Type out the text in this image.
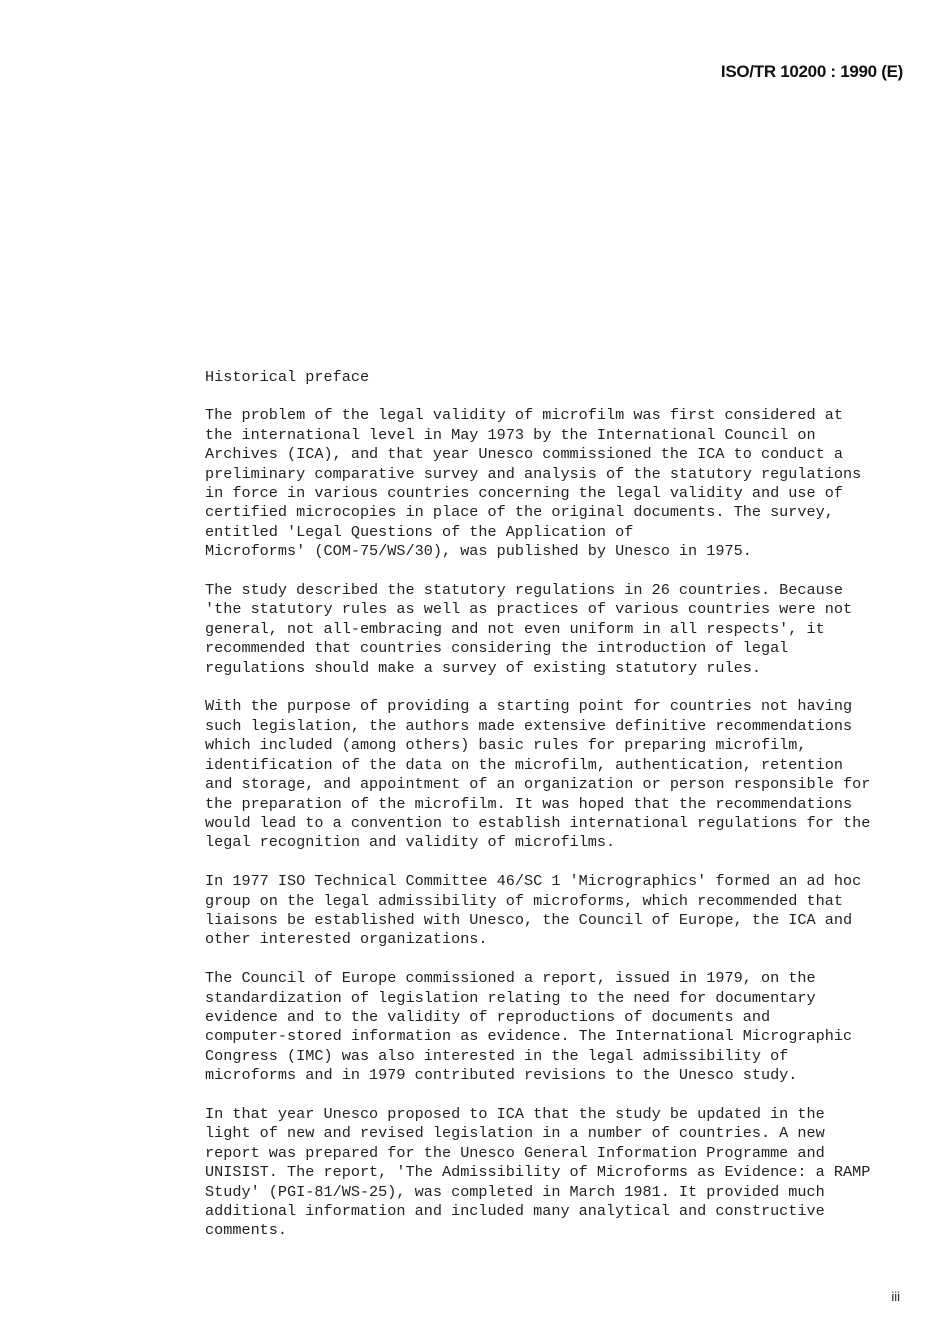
ISO/TR 10200 : 1990 (E)
Historical preface
The problem of the legal validity of microfilm was first considered at
the international level in May 1973 by the International Council on
Archives (ICA), and that year Unesco commissioned the ICA to conduct a
preliminary comparative survey and analysis of the statutory regulations
in force in various countries concerning the legal validity and use of
certified microcopies in place of the original documents. The survey,
entitled 'Legal Questions of the Application of
Microforms' (COM-75/WS/30), was published by Unesco in 1975.
The study described the statutory regulations in 26 countries. Because
'the statutory rules as well as practices of various countries were not
general, not all-embracing and not even uniform in all respects', it
recommended that countries considering the introduction of legal
regulations should make a survey of existing statutory rules.
With the purpose of providing a starting point for countries not having
such legislation, the authors made extensive definitive recommendations
which included (among others) basic rules for preparing microfilm,
identification of the data on the microfilm, authentication, retention
and storage, and appointment of an organization or person responsible for
the preparation of the microfilm. It was hoped that the recommendations
would lead to a convention to establish international regulations for the
legal recognition and validity of microfilms.
In 1977 ISO Technical Committee 46/SC 1 'Micrographics' formed an ad hoc
group on the legal admissibility of microforms, which recommended that
liaisons be established with Unesco, the Council of Europe, the ICA and
other interested organizations.
The Council of Europe commissioned a report, issued in 1979, on the
standardization of legislation relating to the need for documentary
evidence and to the validity of reproductions of documents and
computer-stored information as evidence. The International Micrographic
Congress (IMC) was also interested in the legal admissibility of
microforms and in 1979 contributed revisions to the Unesco study.
In that year Unesco proposed to ICA that the study be updated in the
light of new and revised legislation in a number of countries. A new
report was prepared for the Unesco General Information Programme and
UNISIST. The report, 'The Admissibility of Microforms as Evidence: a RAMP
Study' (PGI-81/WS-25), was completed in March 1981. It provided much
additional information and included many analytical and constructive
comments.
iii
